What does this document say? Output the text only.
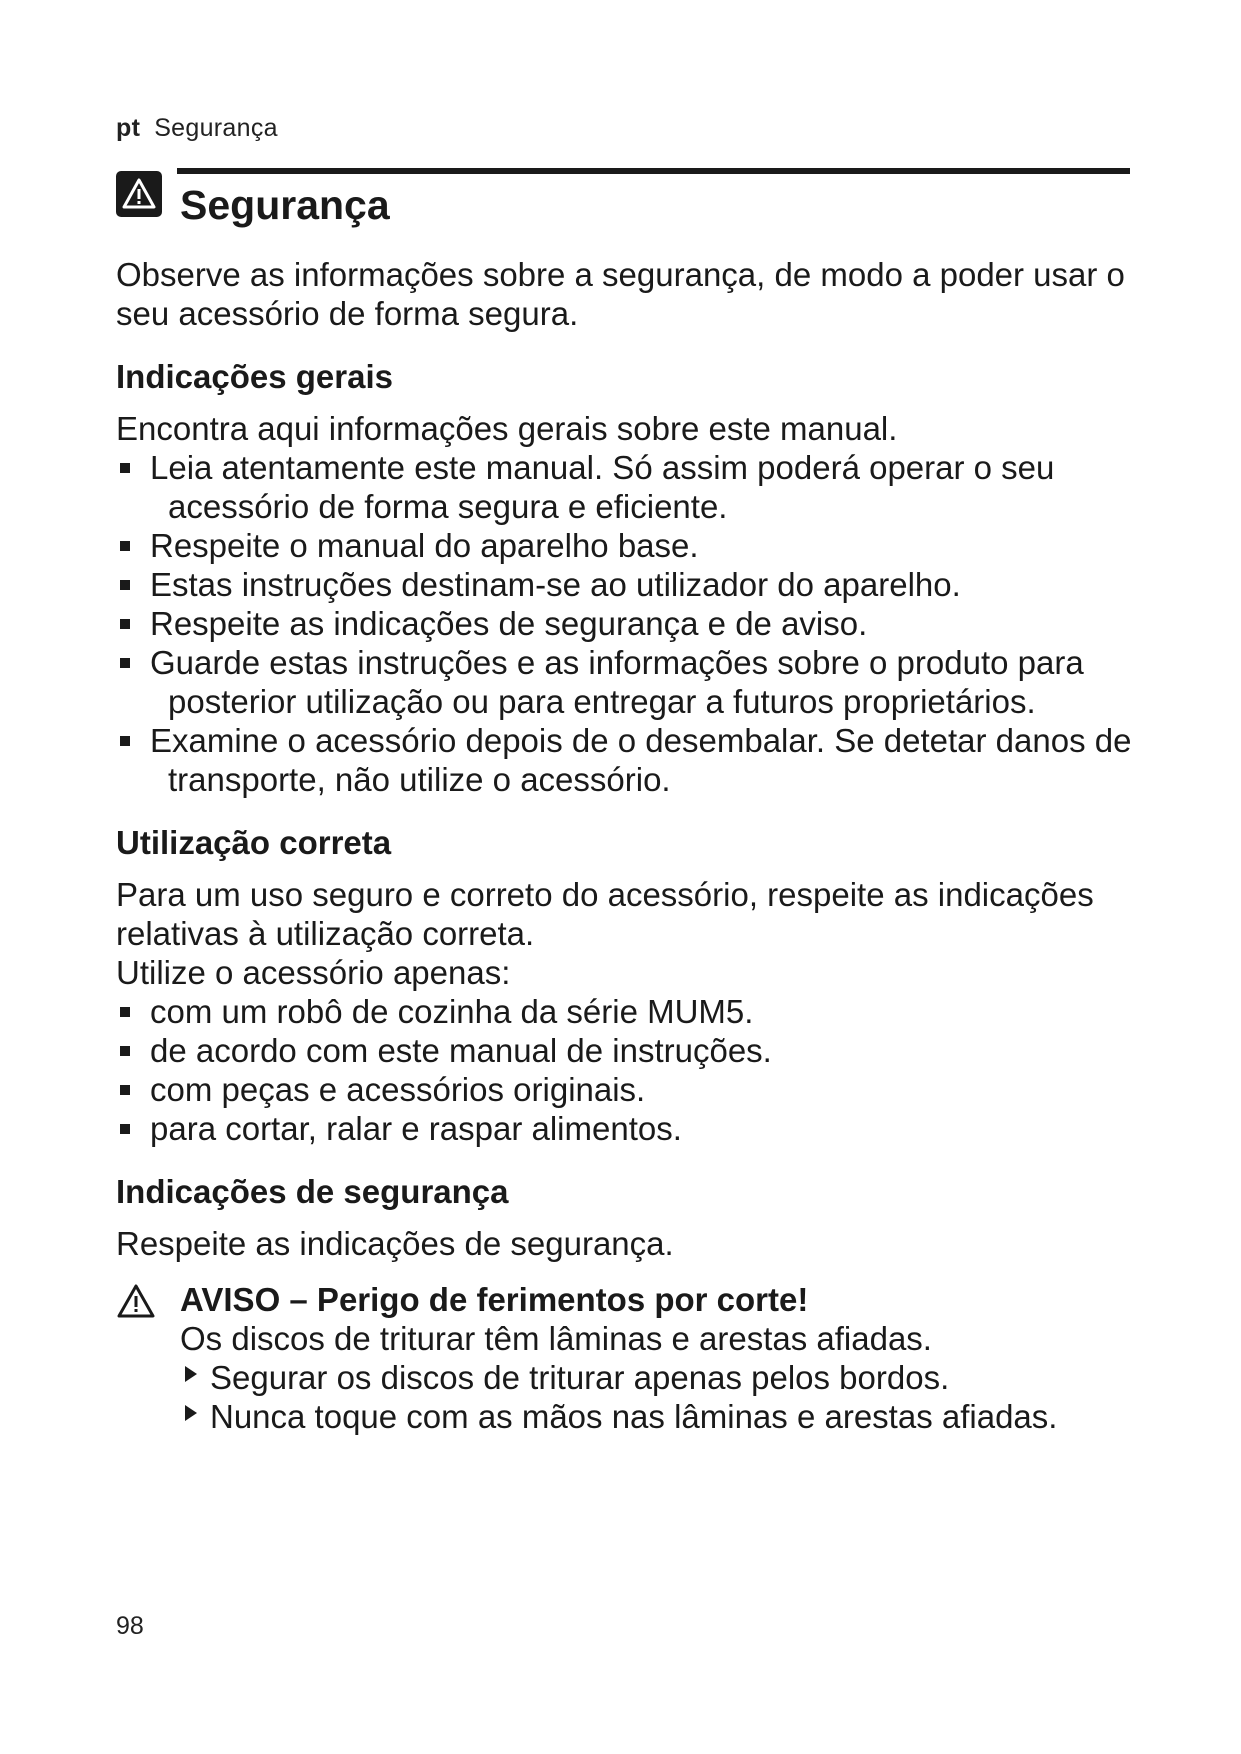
pt Segurança
Segurança

Observe as informações sobre a segurança, de modo a poder usar o seu acessório de forma segura.

Indicações gerais

Encontra aqui informações gerais sobre este manual.

Leia atentamente este manual. Só assim poderá operar o seu acessório de forma segura e eficiente.
Respeite o manual do aparelho base.
Estas instruções destinam-se ao utilizador do aparelho.
Respeite as indicações de segurança e de aviso.
Guarde estas instruções e as informações sobre o produto para posterior utilização ou para entregar a futuros proprietários.
Examine o acessório depois de o desembalar. Se detetar danos de transporte, não utilize o acessório.
Utilização correta

Para um uso seguro e correto do acessório, respeite as indicações relativas à utilização correta.

Utilize o acessório apenas:

com um robô de cozinha da série MUM5.
de acordo com este manual de instruções.
com peças e acessórios originais.
para cortar, ralar e raspar alimentos.
Indicações de segurança

Respeite as indicações de segurança.

AVISO – Perigo de ferimentos por corte!

Os discos de triturar têm lâminas e arestas afiadas.

Segurar os discos de triturar apenas pelos bordos.
Nunca toque com as mãos nas lâminas e arestas afiadas.
98
